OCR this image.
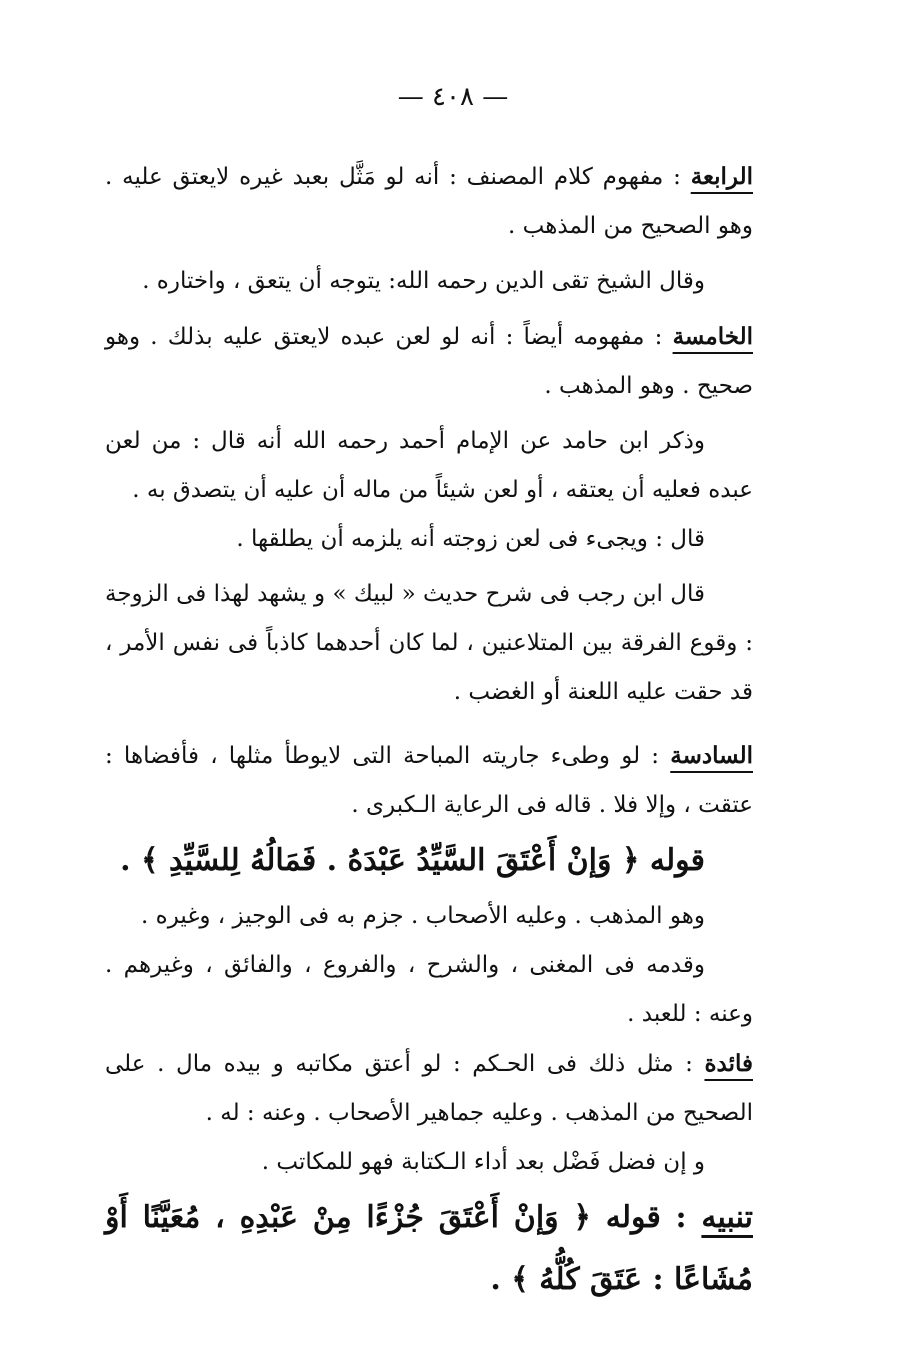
— ٤٠٨ —

الرابعة : مفهوم كلام المصنف : أنه لو مَثَّل بعبد غيره لايعتق عليه . وهو الصحيح من المذهب .

وقال الشيخ تقى الدين رحمه الله: يتوجه أن يتعق ، واختاره .

الخامسة : مفهومه أيضاً : أنه لو لعن عبده لايعتق عليه بذلك . وهو صحيح . وهو المذهب .

وذكر ابن حامد عن الإمام أحمد رحمه الله أنه قال : من لعن عبده فعليه أن يعتقه ، أو لعن شيئاً من ماله أن عليه أن يتصدق به .

قال : ويجىء فى لعن زوجته أنه يلزمه أن يطلقها .

قال ابن رجب فى شرح حديث « لبيك » و يشهد لهذا فى الزوجة : وقوع الفرقة بين المتلاعنين ، لما كان أحدهما كاذباً فى نفس الأمر ، قد حقت عليه اللعنة أو الغضب .

السادسة : لو وطىء جاريته المباحة التى لايوطأ مثلها ، فأفضاها : عتقت ، وإلا فلا . قاله فى الرعاية الـكبرى .

قوله ﴿ وَإنْ أَعْتَقَ السَّيِّدُ عَبْدَهُ . فَمَالُهُ لِلسَّيِّدِ ﴾ .

وهو المذهب . وعليه الأصحاب . جزم به فى الوجيز ، وغيره .

وقدمه فى المغنى ، والشرح ، والفروع ، والفائق ، وغيرهم . وعنه : للعبد .

فائدة : مثل ذلك فى الحـكم : لو أعتق مكاتبه و بيده مال . على الصحيح من المذهب . وعليه جماهير الأصحاب . وعنه : له .

و إن فضل فَضْل بعد أداء الـكتابة فهو للمكاتب .

تنبيه : قوله ﴿ وَإنْ أَعْتَقَ جُزْءًا مِنْ عَبْدِهِ ، مُعَيَّنًا أَوْ مُشَاعًا : عَتَقَ كُلُّهُ ﴾ .
